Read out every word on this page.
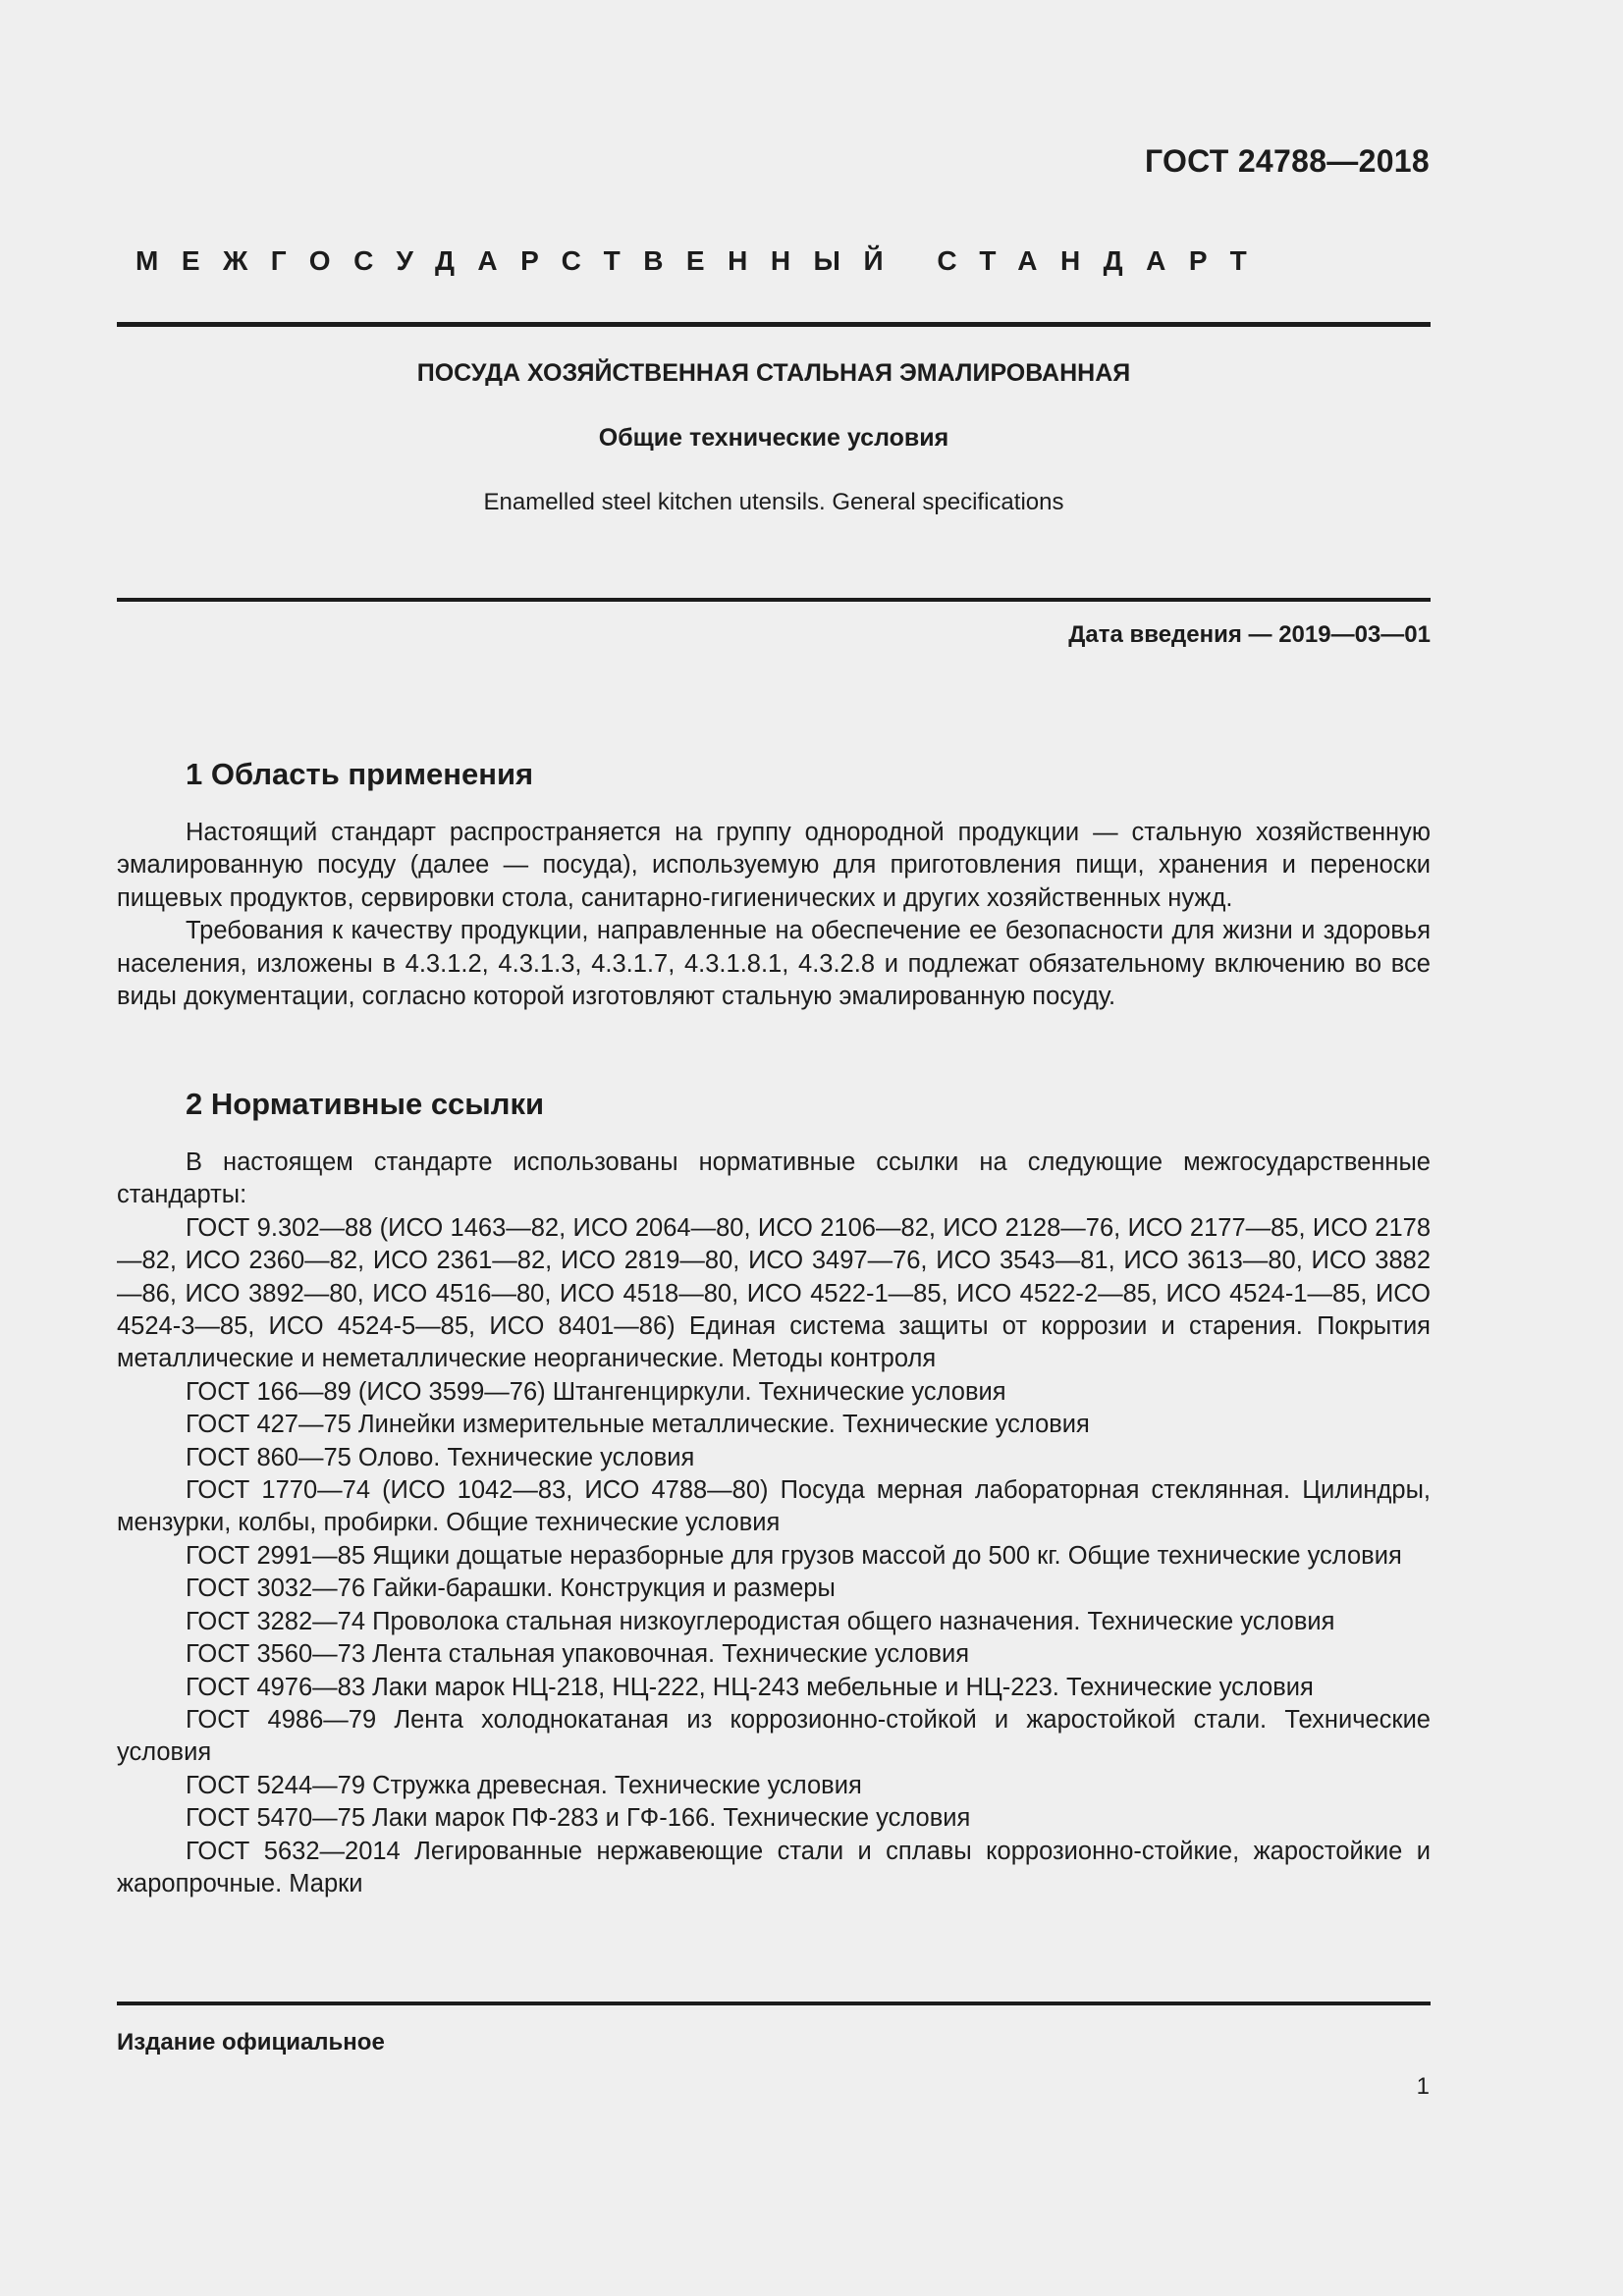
ГОСТ 24788—2018
МЕЖГОСУДАРСТВЕННЫЙ СТАНДАРТ
ПОСУДА ХОЗЯЙСТВЕННАЯ СТАЛЬНАЯ ЭМАЛИРОВАННАЯ
Общие технические условия
Enamelled steel kitchen utensils. General specifications
Дата введения — 2019—03—01
1 Область применения

Настоящий стандарт распространяется на группу однородной продукции — стальную хозяйственную эмалированную посуду (далее — посуда), используемую для приготовления пищи, хранения и переноски пищевых продуктов, сервировки стола, санитарно-гигиенических и других хозяйственных нужд.

Требования к качеству продукции, направленные на обеспечение ее безопасности для жизни и здоровья населения, изложены в 4.3.1.2, 4.3.1.3, 4.3.1.7, 4.3.1.8.1, 4.3.2.8 и подлежат обязательному включению во все виды документации, согласно которой изготовляют стальную эмалированную посуду.

2 Нормативные ссылки

В настоящем стандарте использованы нормативные ссылки на следующие межгосударственные стандарты:

ГОСТ 9.302—88 (ИСО 1463—82, ИСО 2064—80, ИСО 2106—82, ИСО 2128—76, ИСО 2177—85, ИСО 2178—82, ИСО 2360—82, ИСО 2361—82, ИСО 2819—80, ИСО 3497—76, ИСО 3543—81, ИСО 3613—80, ИСО 3882—86, ИСО 3892—80, ИСО 4516—80, ИСО 4518—80, ИСО 4522-1—85, ИСО 4522-2—85, ИСО 4524-1—85, ИСО 4524-3—85, ИСО 4524-5—85, ИСО 8401—86) Единая система защиты от коррозии и старения. Покрытия металлические и неметаллические неорганические. Методы контроля

ГОСТ 166—89 (ИСО 3599—76) Штангенциркули. Технические условия

ГОСТ 427—75 Линейки измерительные металлические. Технические условия

ГОСТ 860—75 Олово. Технические условия

ГОСТ 1770—74 (ИСО 1042—83, ИСО 4788—80) Посуда мерная лабораторная стеклянная. Цилиндры, мензурки, колбы, пробирки. Общие технические условия

ГОСТ 2991—85 Ящики дощатые неразборные для грузов массой до 500 кг. Общие технические условия

ГОСТ 3032—76 Гайки-барашки. Конструкция и размеры

ГОСТ 3282—74 Проволока стальная низкоуглеродистая общего назначения. Технические условия

ГОСТ 3560—73 Лента стальная упаковочная. Технические условия

ГОСТ 4976—83 Лаки марок НЦ-218, НЦ-222, НЦ-243 мебельные и НЦ-223. Технические условия

ГОСТ 4986—79 Лента холоднокатаная из коррозионно-стойкой и жаростойкой стали. Технические условия

ГОСТ 5244—79 Стружка древесная. Технические условия

ГОСТ 5470—75 Лаки марок ПФ-283 и ГФ-166. Технические условия

ГОСТ 5632—2014 Легированные нержавеющие стали и сплавы коррозионно-стойкие, жаростойкие и жаропрочные. Марки

Издание официальное
1
